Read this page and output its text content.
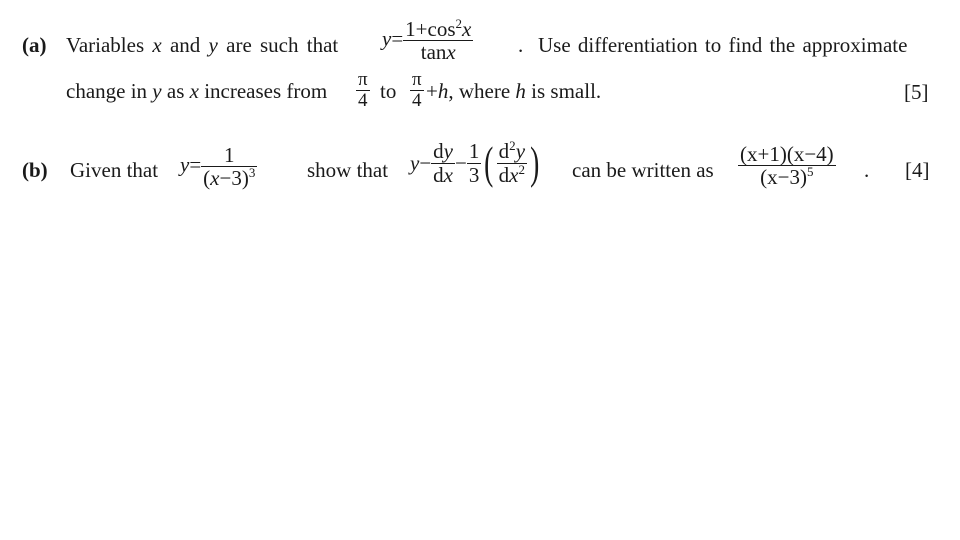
(a) Variables x and y are such that $y= \frac{1+\cos^2x}{\tan x}$ . Use differentiation to find the approximate
change in y as x increases from $\frac{\pi}{4}$ to $\frac{\pi}{4} +h$, where h is small.	[5]
(b) Given that $y= \frac{1}{(x-3)^3}$ show that $y - \frac{dy}{dx} - \frac{1}{3}$ ( $\frac{d^2y}{dx^2}$ ) can be written as $\frac{(x+1)(x-4)}{(x-3)^5}$ . [4]
